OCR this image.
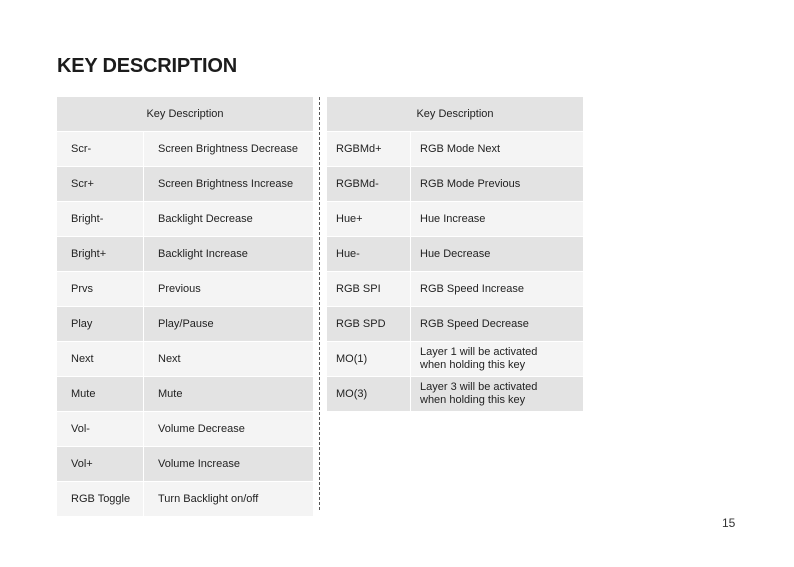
KEY DESCRIPTION
Key Description	
Scr-	Screen Brightness Decrease
Scr+	Screen Brightness Increase
Bright-	Backlight Decrease
Bright+	Backlight Increase
Prvs	Previous
Play	Play/Pause
Next	Next
Mute	Mute
Vol-	Volume Decrease
Vol+	Volume Increase
RGB Toggle	Turn Backlight on/off
Key Description	
RGBMd+	RGB Mode Next
RGBMd-	RGB Mode Previous
Hue+	Hue Increase
Hue-	Hue Decrease
RGB SPI	RGB Speed Increase
RGB SPD	RGB Speed Decrease
MO(1)	Layer 1 will be activated
when holding this key
MO(3)	Layer 3 will be activated
when holding this key
15
